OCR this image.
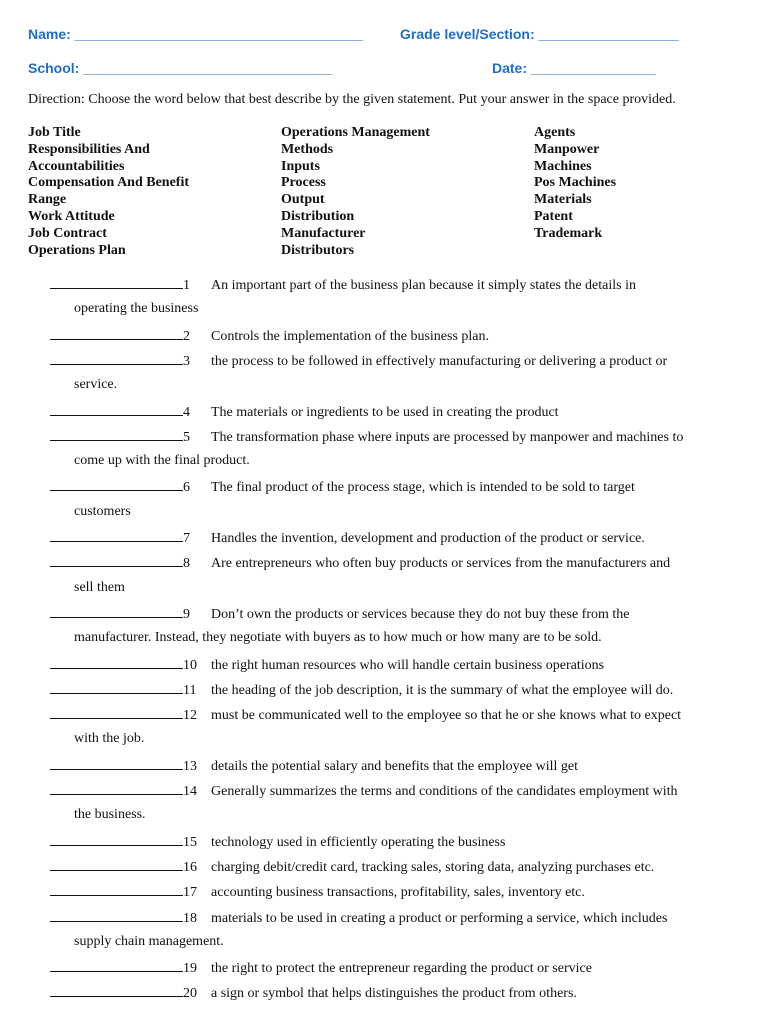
Name: _____________________________________	Grade level/Section: __________________
School: ________________________________	Date: ________________
Direction: Choose the word below that best describe by the given statement. Put your answer in the space provided.
Job Title
Responsibilities And
Accountabilities
Compensation And Benefit
Range
Work Attitude
Job Contract
Operations Plan
Operations Management
Methods
Inputs
Process
Output
Distribution
Manufacturer
Distributors
Agents
Manpower
Machines
Pos Machines
Materials
Patent
Trademark
1 An important part of the business plan because it simply states the details in
operating the business
2 Controls the implementation of the business plan.
3 the process to be followed in effectively manufacturing or delivering a product or
service.
4 The materials or ingredients to be used in creating the product
5 The transformation phase where inputs are processed by manpower and machines to
come up with the final product.
6 The final product of the process stage, which is intended to be sold to target
customers
7 Handles the invention, development and production of the product or service.
8 Are entrepreneurs who often buy products or services from the manufacturers and
sell them
9 Don’t own the products or services because they do not buy these from the
manufacturer. Instead, they negotiate with buyers as to how much or how many are to be sold.
10 the right human resources who will handle certain business operations
11 the heading of the job description, it is the summary of what the employee will do.
12 must be communicated well to the employee so that he or she knows what to expect
with the job.
13 details the potential salary and benefits that the employee will get
14 Generally summarizes the terms and conditions of the candidates employment with
the business.
15 technology used in efficiently operating the business
16 charging debit/credit card, tracking sales, storing data, analyzing purchases etc.
17 accounting business transactions, profitability, sales, inventory etc.
18 materials to be used in creating a product or performing a service, which includes
supply chain management.
19 the right to protect the entrepreneur regarding the product or service
20 a sign or symbol that helps distinguishes the product from others.
